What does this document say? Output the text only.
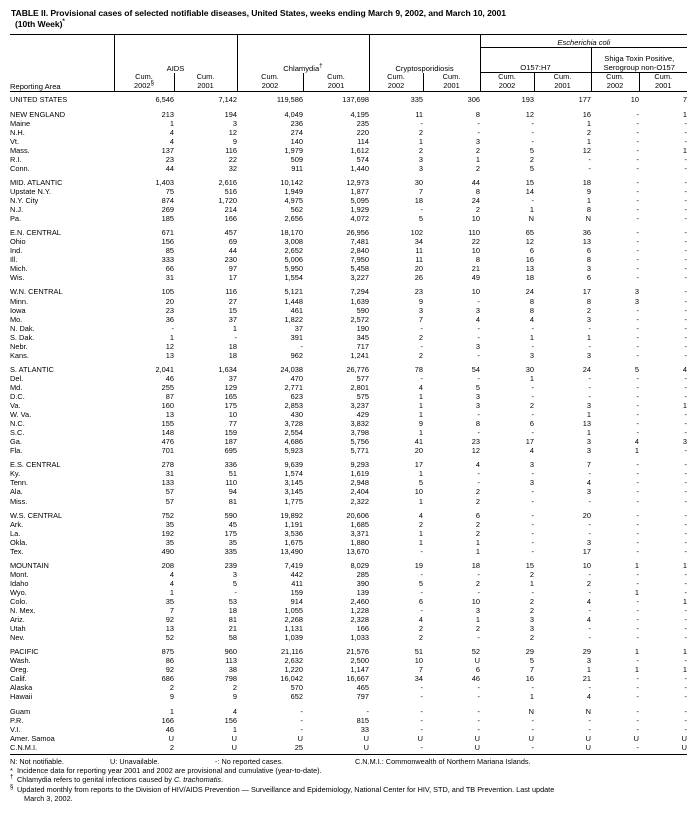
TABLE II. Provisional cases of selected notifiable diseases, United States, weeks ending March 9, 2002, and March 10, 2001

(10th Week)*
							Escherichia coli			
	AIDS		Chlamydia†		Cryptosporidiosis		O157:H7		Shiga Toxin Positive,
Serogroup non-O157	
Reporting Area	Cum.
2002§	Cum.
2001	Cum.
2002	Cum.
2001	Cum.
2002	Cum.
2001	Cum.
2002	Cum.
2001	Cum.
2002	Cum.
2001
UNITED STATES	6,546	7,142	119,586	137,698	335	306	193	177	10	7

NEW ENGLAND	213	194	4,049	4,195	11	8	12	16	-	1
Maine	1	3	236	235	-	-	-	1	-	-
N.H.	4	12	274	220	2	-	-	2	-	-
Vt.	4	9	140	114	1	3	-	1	-	-
Mass.	137	116	1,979	1,612	2	2	5	12	-	1
R.I.	23	22	509	574	3	1	2	-	-	-
Conn.	44	32	911	1,440	3	2	5	-	-	-

MID. ATLANTIC	1,403	2,616	10,142	12,973	30	44	15	18	-	-
Upstate N.Y.	75	516	1,949	1,877	7	8	14	9	-	-
N.Y. City	874	1,720	4,975	5,095	18	24	-	1	-	-
N.J.	269	214	562	1,929	-	2	1	8	-	-
Pa.	185	166	2,656	4,072	5	10	N	N	-	-

E.N. CENTRAL	671	457	18,170	26,956	102	110	65	36	-	-
Ohio	156	69	3,008	7,481	34	22	12	13	-	-
Ind.	85	44	2,652	2,840	11	10	6	6	-	-
Ill.	333	230	5,006	7,950	11	8	16	8	-	-
Mich.	66	97	5,950	5,458	20	21	13	3	-	-
Wis.	31	17	1,554	3,227	26	49	18	6	-	-

W.N. CENTRAL	105	116	5,121	7,294	23	10	24	17	3	-
Minn.	20	27	1,448	1,639	9	-	8	8	3	-
Iowa	23	15	461	590	3	3	8	2	-	-
Mo.	36	37	1,822	2,572	7	4	4	3	-	-
N. Dak.	-	1	37	190	-	-	-	-	-	-
S. Dak.	1	-	391	345	2	-	1	1	-	-
Nebr.	12	18	-	717	-	3	-	-	-	-
Kans.	13	18	962	1,241	2	-	3	3	-	-

S. ATLANTIC	2,041	1,634	24,038	26,776	78	54	30	24	5	4
Del.	46	37	470	577	-	-	1	-	-	-
Md.	255	129	2,771	2,801	4	5	-	-	-	-
D.C.	87	165	623	575	1	3	-	-	-	-
Va.	160	175	2,853	3,237	1	3	2	3	-	1
W. Va.	13	10	430	429	1	-	-	1	-	-
N.C.	155	77	3,728	3,832	9	8	6	13	-	-
S.C.	148	159	2,554	3,798	1	-	-	1	-	-
Ga.	476	187	4,686	5,756	41	23	17	3	4	3
Fla.	701	695	5,923	5,771	20	12	4	3	1	-

E.S. CENTRAL	278	336	9,639	9,293	17	4	3	7	-	-
Ky.	31	51	1,574	1,619	1	-	-	-	-	-
Tenn.	133	110	3,145	2,948	5	-	3	4	-	-
Ala.	57	94	3,145	2,404	10	2	-	3	-	-
Miss.	57	81	1,775	2,322	1	2	-	-	-	-

W.S. CENTRAL	752	590	19,892	20,606	4	6	-	20	-	-
Ark.	35	45	1,191	1,685	2	2	-	-	-	-
La.	192	175	3,536	3,371	1	2	-	-	-	-
Okla.	35	35	1,675	1,880	1	1	-	3	-	-
Tex.	490	335	13,490	13,670	-	1	-	17	-	-

MOUNTAIN	208	239	7,419	8,029	19	18	15	10	1	1
Mont.	4	3	442	285	-	-	2	-	-	-
Idaho	4	5	411	390	5	2	1	2	-	-
Wyo.	1	-	159	139	-	-	-	-	1	-
Colo.	35	53	914	2,460	6	10	2	4	-	1
N. Mex.	7	18	1,055	1,228	-	3	2	-	-	-
Ariz.	92	81	2,268	2,328	4	1	3	4	-	-
Utah	13	21	1,131	166	2	2	3	-	-	-
Nev.	52	58	1,039	1,033	2	-	2	-	-	-

PACIFIC	875	960	21,116	21,576	51	52	29	29	1	1
Wash.	86	113	2,632	2,500	10	U	5	3	-	-
Oreg.	92	38	1,220	1,147	7	6	7	1	1	1
Calif.	686	798	16,042	16,667	34	46	16	21	-	-
Alaska	2	2	570	465	-	-	-	-	-	-
Hawaii	9	9	652	797	-	-	1	4	-	-

Guam	1	4	-	-	-	-	N	N	-	-
P.R.	166	156	-	815	-	-	-	-	-	-
V.I.	46	1	-	33	-	-	-	-	-	-
Amer. Samoa	U	U	U	U	U	U	U	U	U	U
C.N.M.I.	2	U	25	U	-	U	-	U	-	U
N: Not notifiable.	U: Unavailable.	-: No reported cases.	C.N.M.I.: Commonwealth of Northern Mariana Islands.
* Incidence data for reporting year 2001 and 2002 are provisional and cumulative (year-to-date).
† Chlamydia refers to genital infections caused by C. trachomatis.
§ Updated monthly from reports to the Division of HIV/AIDS Prevention — Surveillance and Epidemiology, National Center for HIV, STD, and TB Prevention. Last update
March 3, 2002.
